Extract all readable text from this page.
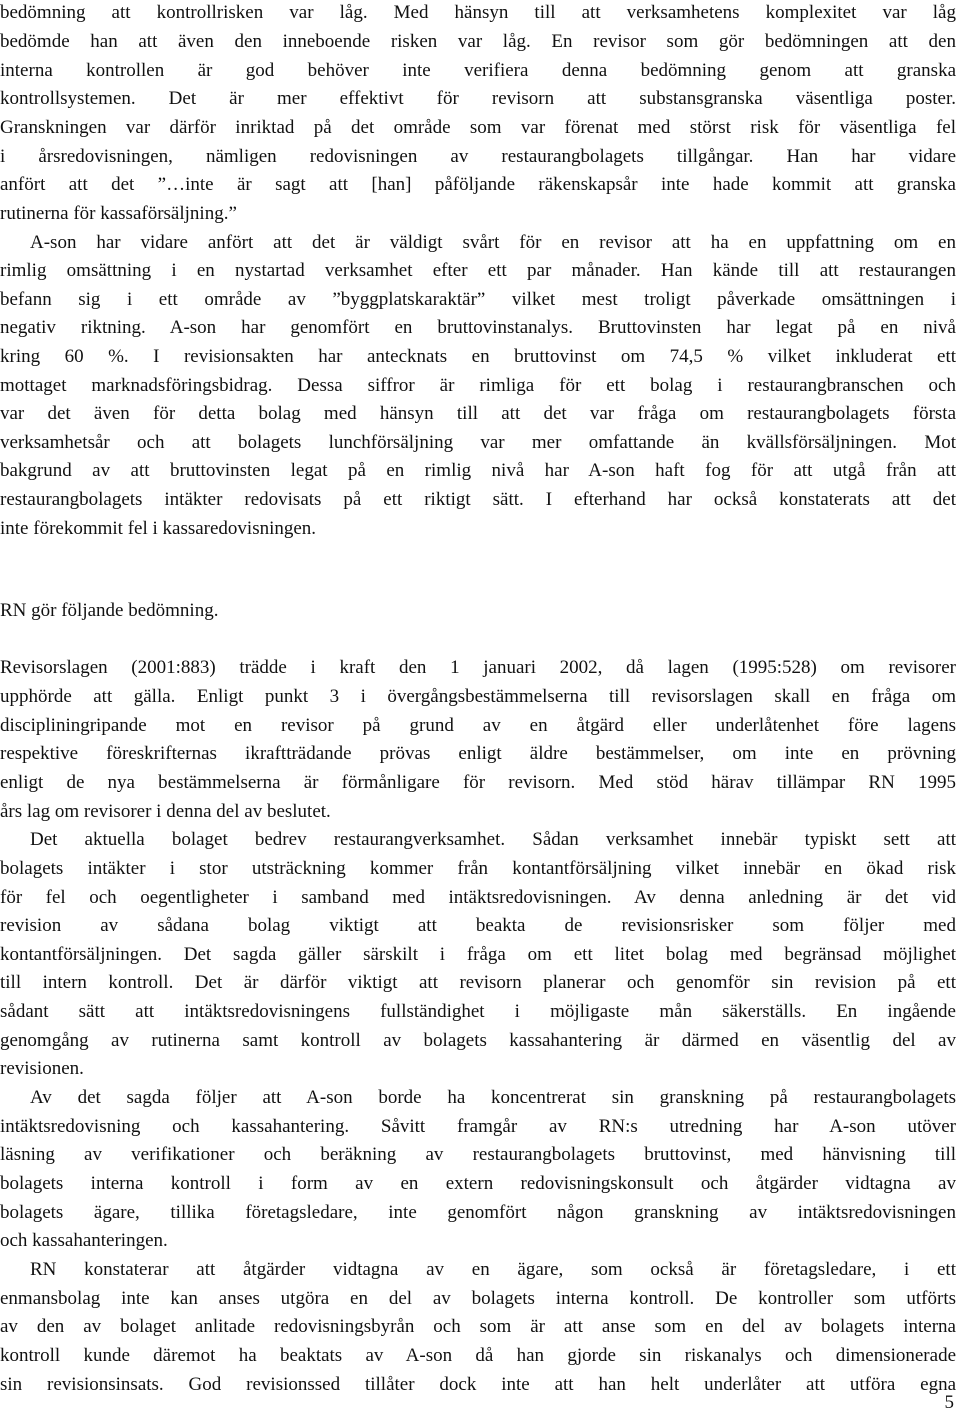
bedömning att kontrollrisken var låg. Med hänsyn till att verksamhetens komplexitet var låg
bedömde han att även den inneboende risken var låg. En revisor som gör bedömningen att den
interna kontrollen är god behöver inte verifiera denna bedömning genom att granska
kontrollsystemen. Det är mer effektivt för revisorn att substansgranska väsentliga poster.
Granskningen var därför inriktad på det område som var förenat med störst risk för väsentliga fel
i årsredovisningen, nämligen redovisningen av restaurangbolagets tillgångar. Han har vidare
anfört att det ”…inte är sagt att [han] påföljande räkenskapsår inte hade kommit att granska
rutinerna för kassaförsäljning.”
A-son har vidare anfört att det är väldigt svårt för en revisor att ha en uppfattning om en
rimlig omsättning i en nystartad verksamhet efter ett par månader. Han kände till att restaurangen
befann sig i ett område av ”byggplatskaraktär” vilket mest troligt påverkade omsättningen i
negativ riktning. A-son har genomfört en bruttovinstanalys. Bruttovinsten har legat på en nivå
kring 60 %. I revisionsakten har antecknats en bruttovinst om 74,5 % vilket inkluderat ett
mottaget marknadsföringsbidrag. Dessa siffror är rimliga för ett bolag i restaurangbranschen och
var det även för detta bolag med hänsyn till att det var fråga om restaurangbolagets första
verksamhetsår och att bolagets lunchförsäljning var mer omfattande än kvällsförsäljningen. Mot
bakgrund av att bruttovinsten legat på en rimlig nivå har A-son haft fog för att utgå från att
restaurangbolagets intäkter redovisats på ett riktigt sätt. I efterhand har också konstaterats att det
inte förekommit fel i kassaredovisningen.
RN gör följande bedömning.
Revisorslagen (2001:883) trädde i kraft den 1 januari 2002, då lagen (1995:528) om revisorer
upphörde att gälla. Enligt punkt 3 i övergångsbestämmelserna till revisorslagen skall en fråga om
discipliningripande mot en revisor på grund av en åtgärd eller underlåtenhet före lagens
respektive föreskrifternas ikraftträdande prövas enligt äldre bestämmelser, om inte en prövning
enligt de nya bestämmelserna är förmånligare för revisorn. Med stöd härav tillämpar RN 1995
års lag om revisorer i denna del av beslutet.
Det aktuella bolaget bedrev restaurangverksamhet. Sådan verksamhet innebär typiskt sett att
bolagets intäkter i stor utsträckning kommer från kontantförsäljning vilket innebär en ökad risk
för fel och oegentligheter i samband med intäktsredovisningen. Av denna anledning är det vid
revision av sådana bolag viktigt att beakta de revisionsrisker som följer med
kontantförsäljningen. Det sagda gäller särskilt i fråga om ett litet bolag med begränsad möjlighet
till intern kontroll. Det är därför viktigt att revisorn planerar och genomför sin revision på ett
sådant sätt att intäktsredovisningens fullständighet i möjligaste mån säkerställs. En ingående
genomgång av rutinerna samt kontroll av bolagets kassahantering är därmed en väsentlig del av
revisionen.
Av det sagda följer att A-son borde ha koncentrerat sin granskning på restaurangbolagets
intäktsredovisning och kassahantering. Såvitt framgår av RN:s utredning har A-son utöver
läsning av verifikationer och beräkning av restaurangbolagets bruttovinst, med hänvisning till
bolagets interna kontroll i form av en extern redovisningskonsult och åtgärder vidtagna av
bolagets ägare, tillika företagsledare, inte genomfört någon granskning av intäktsredovisningen
och kassahanteringen.
RN konstaterar att åtgärder vidtagna av en ägare, som också är företagsledare, i ett
enmansbolag inte kan anses utgöra en del av bolagets interna kontroll. De kontroller som utförts
av den av bolaget anlitade redovisningsbyrån och som är att anse som en del av bolagets interna
kontroll kunde däremot ha beaktats av A-son då han gjorde sin riskanalys och dimensionerade
sin revisionsinsats. God revisionssed tillåter dock inte att han helt underlåter att utföra egna
5
